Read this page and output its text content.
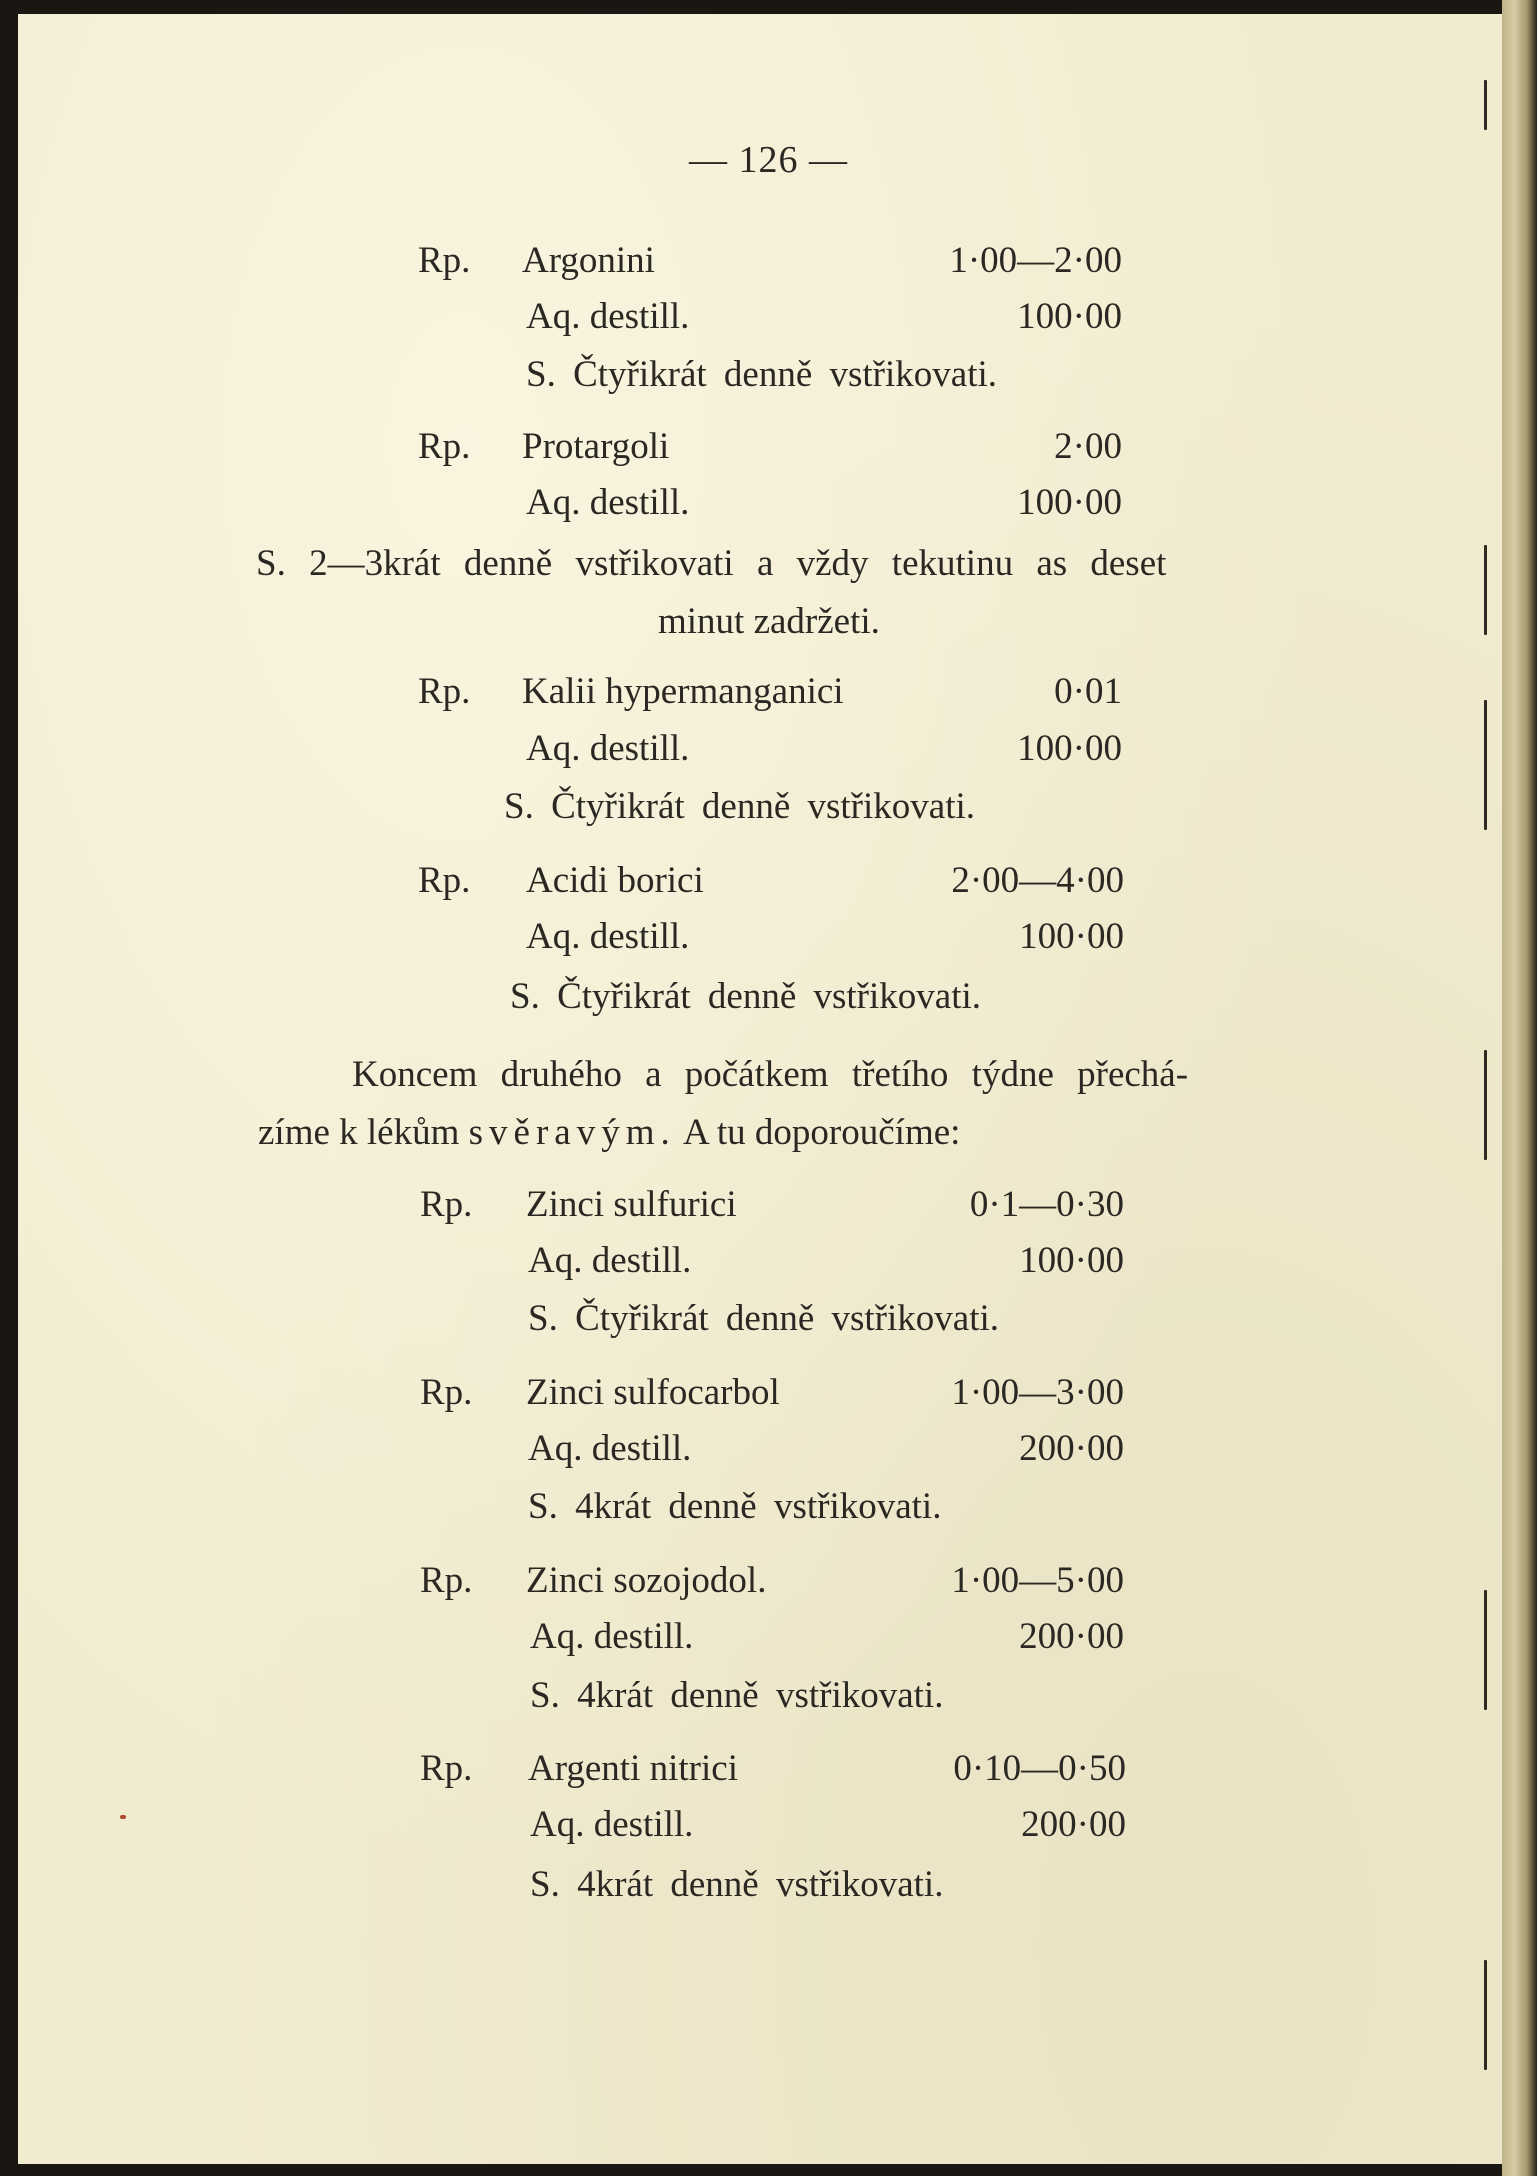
— 126 —
Rp. Argonini	1·00—2·00
Aq. destill.	100·00
S. Čtyřikrát denně vstřikovati.
Rp. Protargoli	2·00
Aq. destill.	100·00
S. 2—3krát denně vstřikovati a vždy tekutinu as deset
minut zadržeti.
Rp. Kalii hypermanganici	0·01
Aq. destill.	100·00
S. Čtyřikrát denně vstřikovati.
Rp. Acidi borici	2·00—4·00
Aq. destill.	100·00
S. Čtyřikrát denně vstřikovati.
Koncem druhého a počátkem třetího týdne přechá-
zíme k lékům svěravým. A tu doporoučíme:
Rp. Zinci sulfurici	0·1—0·30
Aq. destill.	100·00
S. Čtyřikrát denně vstřikovati.
Rp. Zinci sulfocarbol	1·00—3·00
Aq. destill.	200·00
S. 4krát denně vstřikovati.
Rp. Zinci sozojodol.	1·00—5·00
Aq. destill.	200·00
S. 4krát denně vstřikovati.
Rp. Argenti nitrici	0·10—0·50
Aq. destill.	200·00
S. 4krát denně vstřikovati.
